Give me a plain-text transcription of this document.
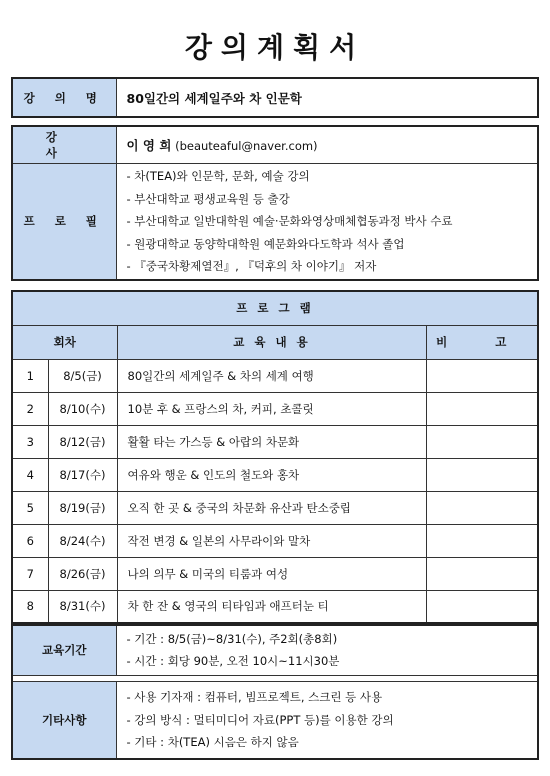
강의계획서
강 의 명	80일간의 세계일주와 차 인문학
강 사	이 영 희 (beauteaful@naver.com)
프 로 필	- 차(TEA)와 인문학, 문화, 예술 강의
- 부산대학교 평생교육원 등 출강
- 부산대학교 일반대학원 예술·문화와영상매체협동과정 박사 수료
- 원광대학교 동양학대학원 예문화와다도학과 석사 졸업
- 『중국차황제열전』, 『덕후의 차 이야기』 저자
프 로 그 램			
회차		교 육 내 용	비 고
1	8/5(금)	80일간의 세계일주 & 차의 세계 여행	
2	8/10(수)	10분 후 & 프랑스의 차, 커피, 초콜릿	
3	8/12(금)	활활 타는 가스등 & 아랍의 차문화	
4	8/17(수)	여유와 행운 & 인도의 철도와 홍차	
5	8/19(금)	오직 한 곳 & 중국의 차문화 유산과 탄소중립	
6	8/24(수)	작전 변경 & 일본의 사무라이와 말차	
7	8/26(금)	나의 의무 & 미국의 티룸과 여성	
8	8/31(수)	차 한 잔 & 영국의 티타임과 애프터눈 티	
교육기간	- 기간 : 8/5(금)~8/31(수), 주2회(총8회)
- 시간 : 회당 90분, 오전 10시~11시30분

기타사항	- 사용 기자재 : 컴퓨터, 빔프로젝트, 스크린 등 사용
- 강의 방식 : 멀티미디어 자료(PPT 등)를 이용한 강의
- 기타 : 차(TEA) 시음은 하지 않음
